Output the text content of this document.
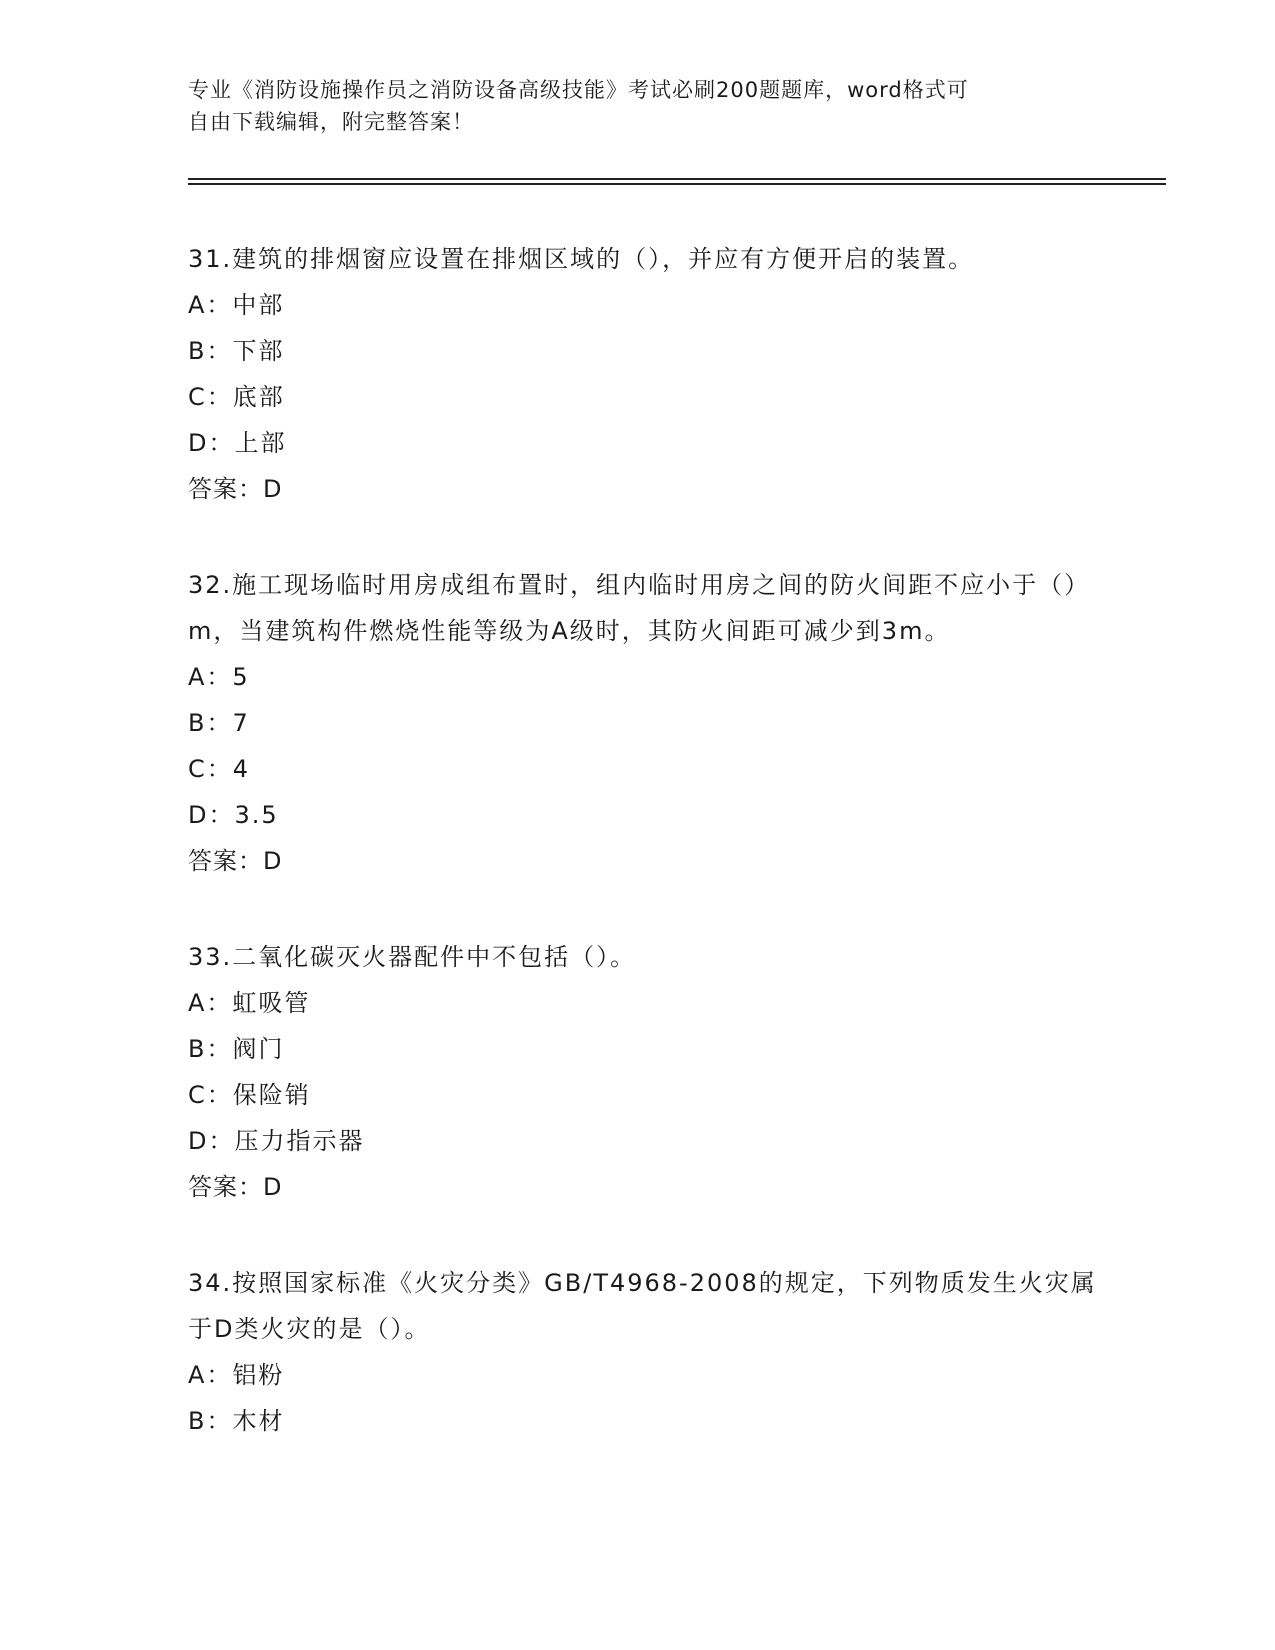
专业《消防设施操作员之消防设备高级技能》考试必刷200题题库，word格式可
自由下载编辑，附完整答案！
31.建筑的排烟窗应设置在排烟区域的（），并应有方便开启的装置。
A：中部
B：下部
C：底部
D：上部
答案：D
32.施工现场临时用房成组布置时，组内临时用房之间的防火间距不应小于（）m，当建筑构件燃烧性能等级为A级时，其防火间距可减少到3m。
A：5
B：7
C：4
D：3.5
答案：D
33.二氧化碳灭火器配件中不包括（）。
A：虹吸管
B：阀门
C：保险销
D：压力指示器
答案：D
34.按照国家标准《火灾分类》GB/T4968-2008的规定，下列物质发生火灾属于D类火灾的是（）。
A：铝粉
B：木材
